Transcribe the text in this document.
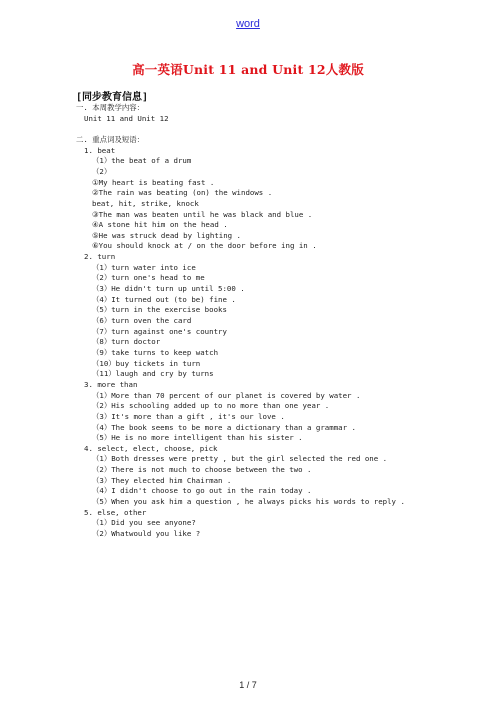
word
高一英语Unit 11 and Unit 12人教版
[同步教育信息]
一. 本周教学内容：
Unit 11 and Unit 12
二. 重点词及短语：
1. beat
（1）the beat of a drum
（2）
①My heart is beating fast .
②The rain was beating (on) the windows .
beat, hit, strike, knock
③The man was beaten until he was black and blue .
④A stone hit him on the head .
⑤He was struck dead by lighting .
⑥You should knock at / on the door before ing in .
2. turn
（1）turn water into ice
（2）turn one's head to me
（3）He didn't turn up until 5:00 .
（4）It turned out (to be) fine .
（5）turn in the exercise books
（6）turn oven the card
（7）turn against one's country
（8）turn doctor
（9）take turns to keep watch
（10）buy tickets in turn
（11）laugh and cry by turns
3. more than
（1）More than 70 percent of our planet is covered by water .
（2）His schooling added up to no more than one year .
（3）It's more than a gift , it's our love .
（4）The book seems to be more a dictionary than a grammar .
（5）He is no more intelligent than his sister .
4. select, elect, choose, pick
（1）Both dresses were pretty , but the girl selected the red one .
（2）There is not much to choose between the two .
（3）They elected him Chairman .
（4）I didn't choose to go out in the rain today .
（5）When you ask him a question , he always picks his words to reply .
5. else, other
（1）Did you see anyone?
（2）Whatwould you like ?
1 / 7
